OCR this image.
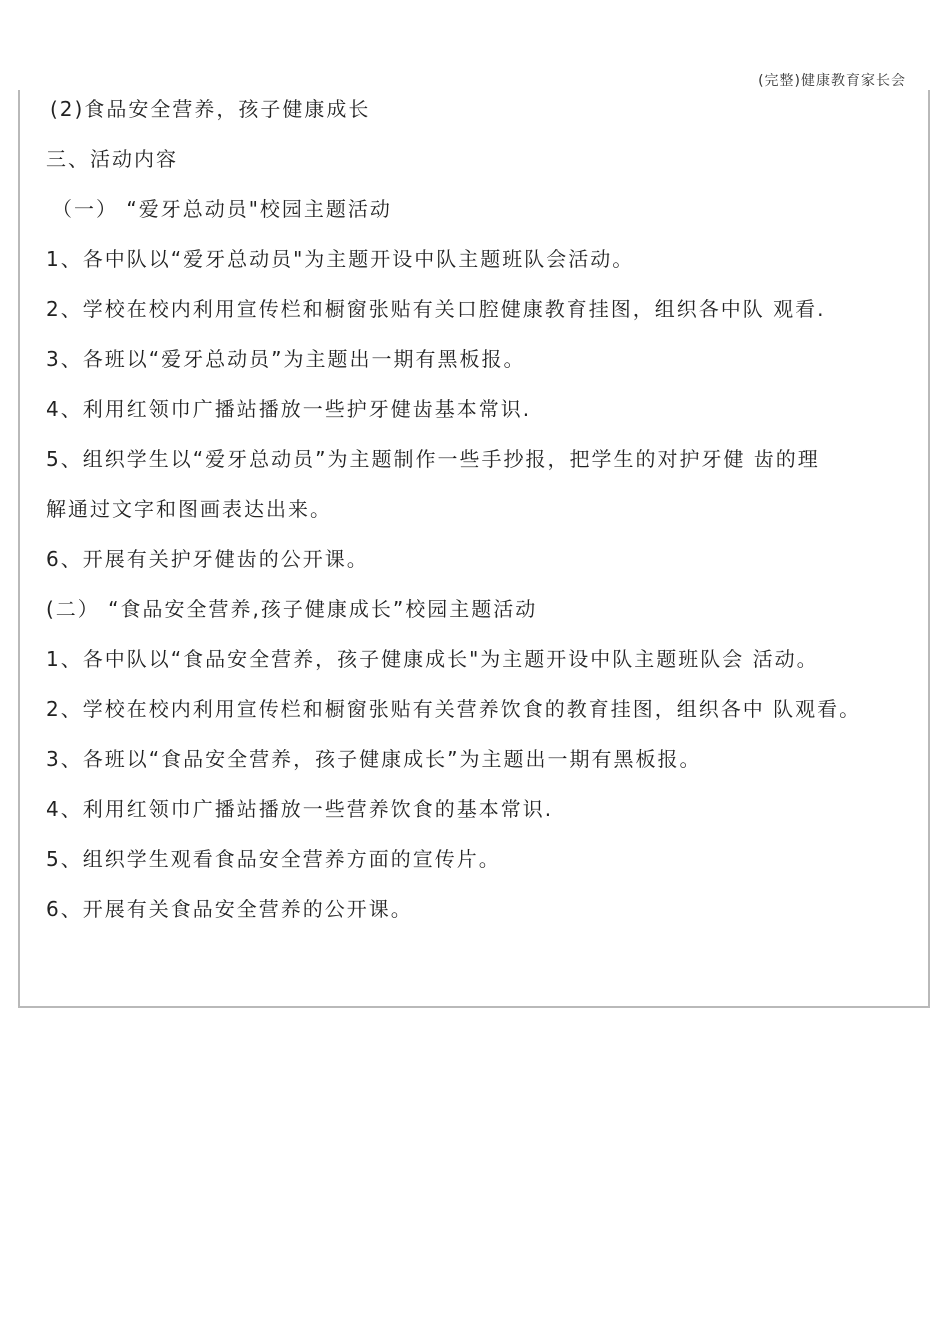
(完整)健康教育家长会
(2)食品安全营养，孩子健康成长
三、活动内容
（一） “爱牙总动员"校园主题活动
1、各中队以“爱牙总动员"为主题开设中队主题班队会活动。
2、学校在校内利用宣传栏和橱窗张贴有关口腔健康教育挂图，组织各中队 观看.
3、各班以“爱牙总动员”为主题出一期有黑板报。
4、利用红领巾广播站播放一些护牙健齿基本常识.
5、组织学生以“爱牙总动员”为主题制作一些手抄报，把学生的对护牙健 齿的理
解通过文字和图画表达出来。
6、开展有关护牙健齿的公开课。
(二） “食品安全营养,孩子健康成长”校园主题活动
1、各中队以“食品安全营养，孩子健康成长"为主题开设中队主题班队会 活动。
2、学校在校内利用宣传栏和橱窗张贴有关营养饮食的教育挂图，组织各中 队观看。
3、各班以“食品安全营养，孩子健康成长”为主题出一期有黑板报。
4、利用红领巾广播站播放一些营养饮食的基本常识.
5、组织学生观看食品安全营养方面的宣传片。
6、开展有关食品安全营养的公开课。
